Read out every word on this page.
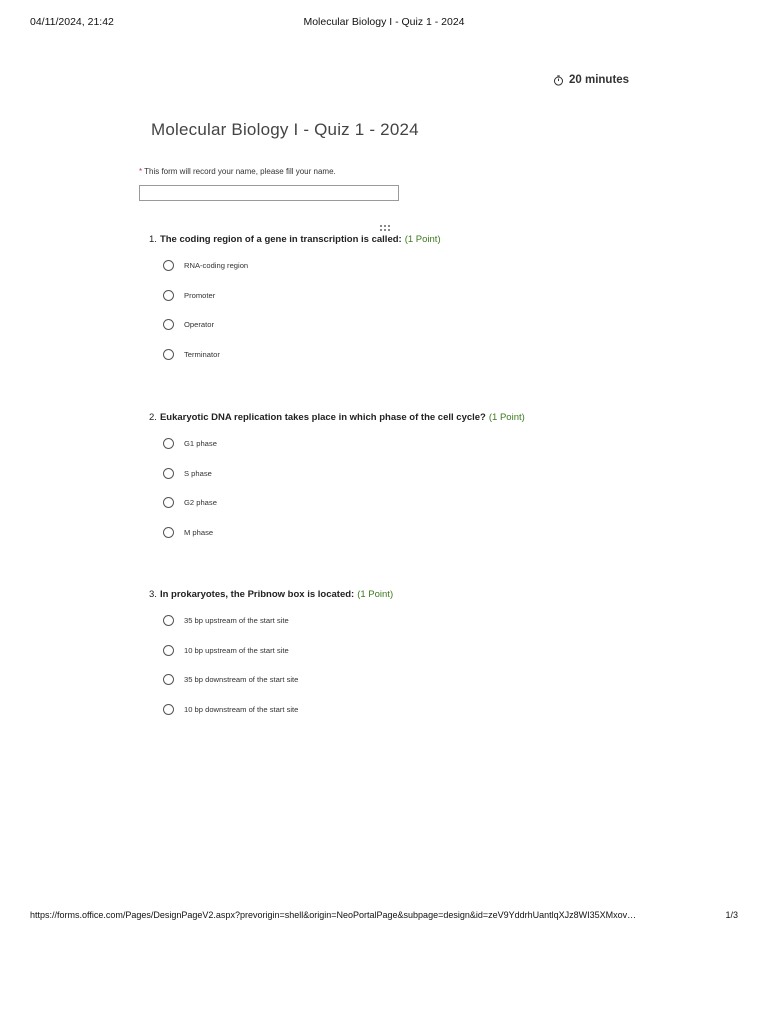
04/11/2024, 21:42	Molecular Biology I - Quiz 1 - 2024
20 minutes
Molecular Biology I - Quiz 1 - 2024
* This form will record your name, please fill your name.
1. The coding region of a gene in transcription is called: (1 Point)
RNA-coding region
Promoter
Operator
Terminator
2. Eukaryotic DNA replication takes place in which phase of the cell cycle? (1 Point)
G1 phase
S phase
G2 phase
M phase
3. In prokaryotes, the Pribnow box is located: (1 Point)
35 bp upstream of the start site
10 bp upstream of the start site
35 bp downstream of the start site
10 bp downstream of the start site
https://forms.office.com/Pages/DesignPageV2.aspx?prevorigin=shell&origin=NeoPortalPage&subpage=design&id=zeV9YddrhUantlqXJz8WI35XMxov…	1/3
